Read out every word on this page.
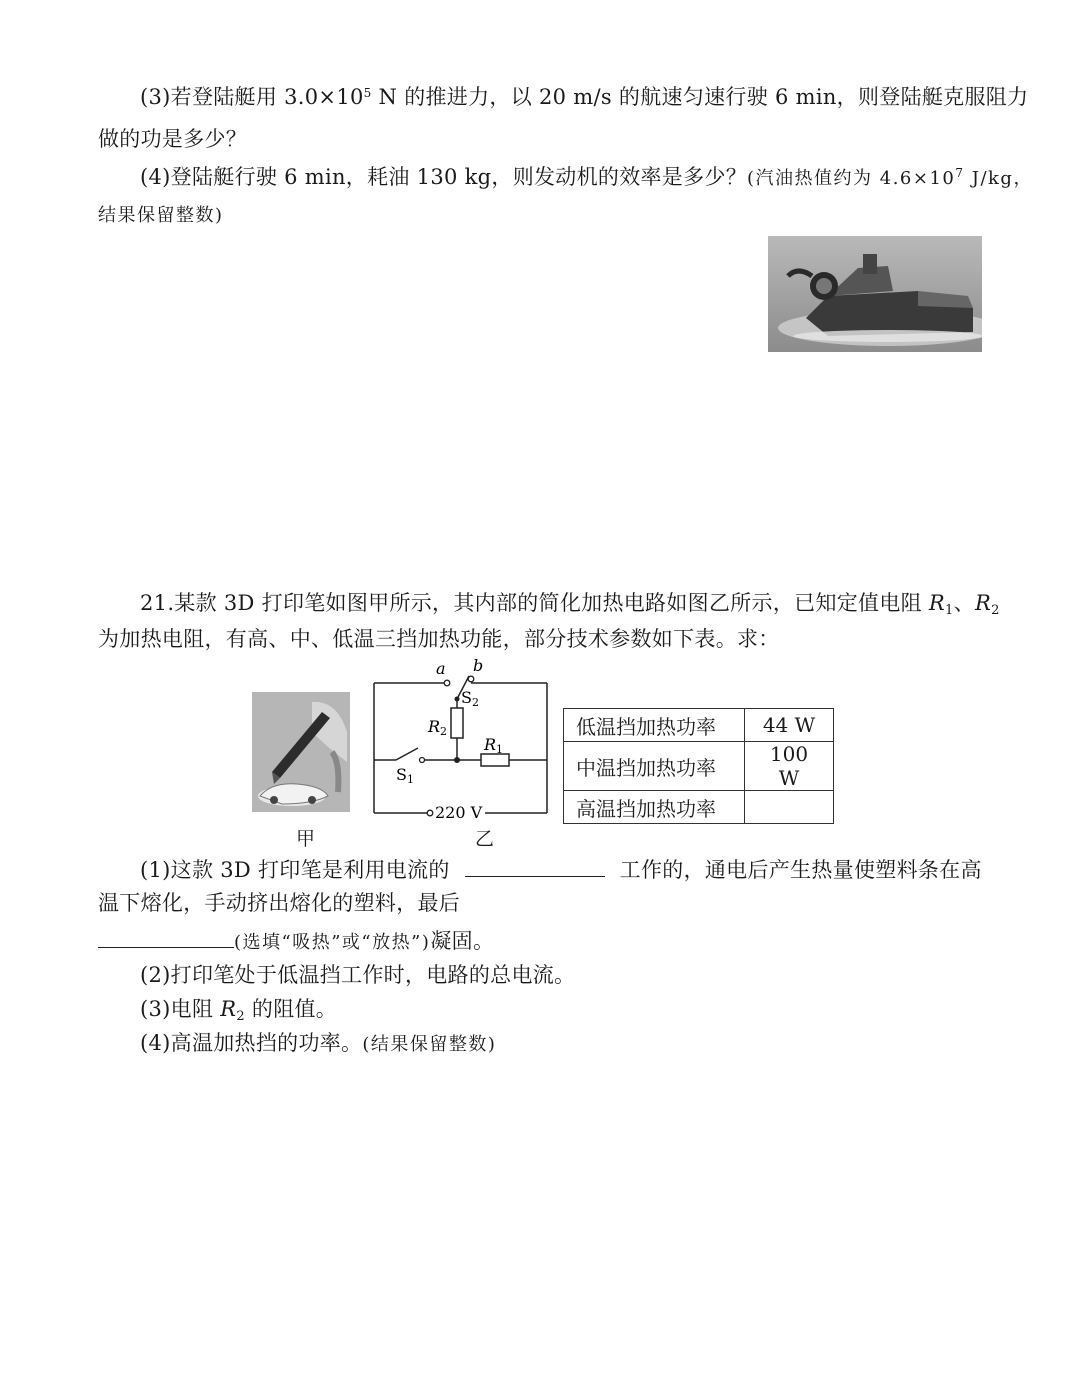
(3)若登陆艇用 $3.0\times 10^5$ N 的推进力，以 20 m/s 的航速匀速行驶 6 min，则登陆艇克服阻力
做的功是多少？
(4)登陆艇行驶 6 min，耗油 130 kg，则发动机的效率是多少？(汽油热值约为 $4.6\times 10^7$ J/kg，
结果保留整数)
21.某款 3D 打印笔如图甲所示，其内部的简化加热电路如图乙所示，已知定值电阻 $R_1$、$R_2$
为加热电阻，有高、中、低温三挡加热功能，部分技术参数如下表。求：
甲
a b
S2
R2
R1
S1
220 V
乙
低温挡加热功率	44 W
中温挡加热功率	100 W
高温挡加热功率	
(1)这款 3D 打印笔是利用电流的	工作的，通电后产生热量使塑料条在高
温下熔化，手动挤出熔化的塑料，最后
(选填“吸热”或“放热”)凝固。
(2)打印笔处于低温挡工作时，电路的总电流。
(3)电阻 $R_2$ 的阻值。
(4)高温加热挡的功率。(结果保留整数)
